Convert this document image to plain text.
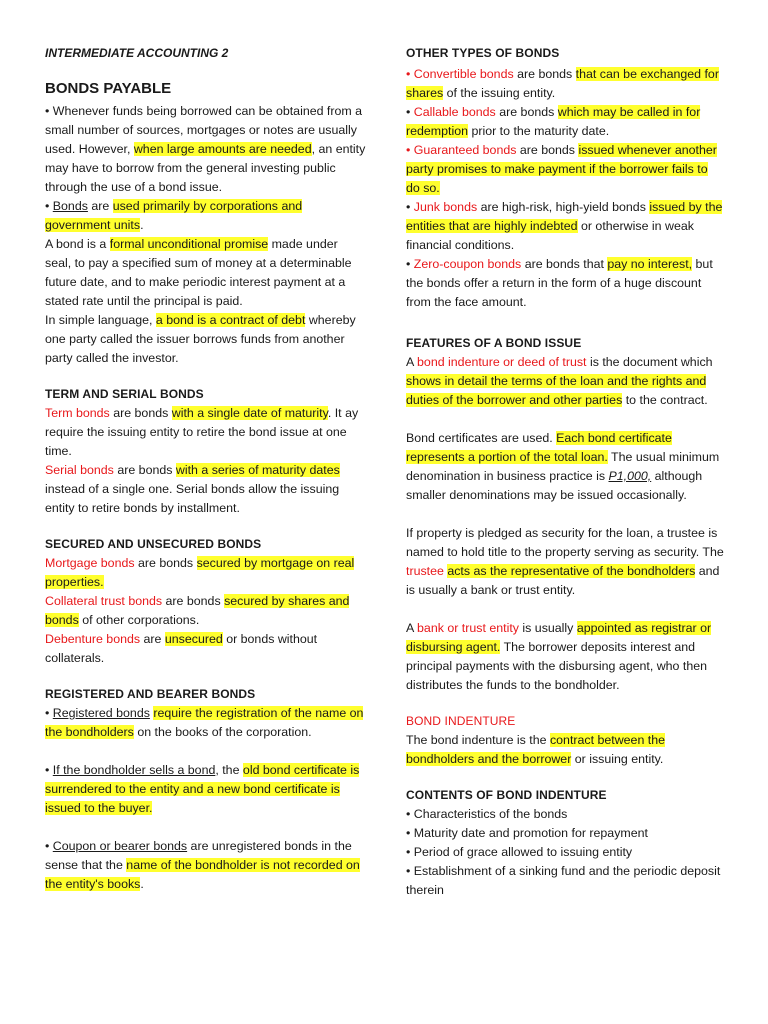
INTERMEDIATE ACCOUNTING 2

BONDS PAYABLE

• Whenever funds being borrowed can be obtained from a small number of sources, mortgages or notes are usually used. However, when large amounts are needed, an entity may have to borrow from the general investing public through the use of a bond issue.

• Bonds are used primarily by corporations and government units.

A bond is a formal unconditional promise made under seal, to pay a specified sum of money at a determinable future date, and to make periodic interest payment at a stated rate until the principal is paid.

In simple language, a bond is a contract of debt whereby one party called the issuer borrows funds from another party called the investor.

TERM AND SERIAL BONDS

Term bonds are bonds with a single date of maturity. It ay require the issuing entity to retire the bond issue at one time.

Serial bonds are bonds with a series of maturity dates instead of a single one. Serial bonds allow the issuing entity to retire bonds by installment.

SECURED AND UNSECURED BONDS

Mortgage bonds are bonds secured by mortgage on real properties.

Collateral trust bonds are bonds secured by shares and bonds of other corporations.

Debenture bonds are unsecured or bonds without collaterals.

REGISTERED AND BEARER BONDS

• Registered bonds require the registration of the name on the bondholders on the books of the corporation.

• If the bondholder sells a bond, the old bond certificate is surrendered to the entity and a new bond certificate is issued to the buyer.

• Coupon or bearer bonds are unregistered bonds in the sense that the name of the bondholder is not recorded on the entity's books.

OTHER TYPES OF BONDS

• Convertible bonds are bonds that can be exchanged for shares of the issuing entity.

• Callable bonds are bonds which may be called in for redemption prior to the maturity date.

• Guaranteed bonds are bonds issued whenever another party promises to make payment if the borrower fails to do so.

• Junk bonds are high-risk, high-yield bonds issued by the entities that are highly indebted or otherwise in weak financial conditions.

• Zero-coupon bonds are bonds that pay no interest, but the bonds offer a return in the form of a huge discount from the face amount.

FEATURES OF A BOND ISSUE

A bond indenture or deed of trust is the document which shows in detail the terms of the loan and the rights and duties of the borrower and other parties to the contract.

Bond certificates are used. Each bond certificate represents a portion of the total loan. The usual minimum denomination in business practice is P1,000, although smaller denominations may be issued occasionally.

If property is pledged as security for the loan, a trustee is named to hold title to the property serving as security. The trustee acts as the representative of the bondholders and is usually a bank or trust entity.

A bank or trust entity is usually appointed as registrar or disbursing agent. The borrower deposits interest and principal payments with the disbursing agent, who then distributes the funds to the bondholder.

BOND INDENTURE

The bond indenture is the contract between the bondholders and the borrower or issuing entity.

CONTENTS OF BOND INDENTURE

• Characteristics of the bonds
• Maturity date and promotion for repayment
• Period of grace allowed to issuing entity
• Establishment of a sinking fund and the periodic deposit therein
